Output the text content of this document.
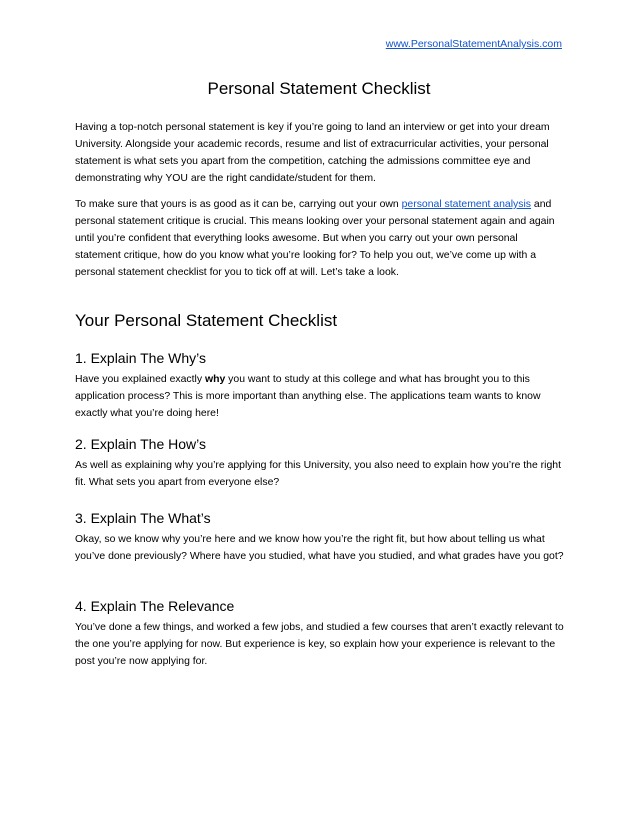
www.PersonalStatementAnalysis.com
Personal Statement Checklist

Having a top-notch personal statement is key if you’re going to land an interview or get into your dream University. Alongside your academic records, resume and list of extracurricular activities, your personal statement is what sets you apart from the competition, catching the admissions committee eye and demonstrating why YOU are the right candidate/student for them.

To make sure that yours is as good as it can be, carrying out your own personal statement analysis and personal statement critique is crucial. This means looking over your personal statement again and again until you’re confident that everything looks awesome. But when you carry out your own personal statement critique, how do you know what you’re looking for? To help you out, we’ve come up with a personal statement checklist for you to tick off at will. Let’s take a look.

Your Personal Statement Checklist
1. Explain The Why’s

Have you explained exactly why you want to study at this college and what has brought you to this application process? This is more important than anything else. The applications team wants to know exactly what you’re doing here!

2. Explain The How’s

As well as explaining why you’re applying for this University, you also need to explain how you’re the right fit. What sets you apart from everyone else?

3. Explain The What’s

Okay, so we know why you’re here and we know how you’re the right fit, but how about telling us what you’ve done previously? Where have you studied, what have you studied, and what grades have you got?

4. Explain The Relevance

You’ve done a few things, and worked a few jobs, and studied a few courses that aren’t exactly relevant to the one you’re applying for now. But experience is key, so explain how your experience is relevant to the post you’re now applying for.
